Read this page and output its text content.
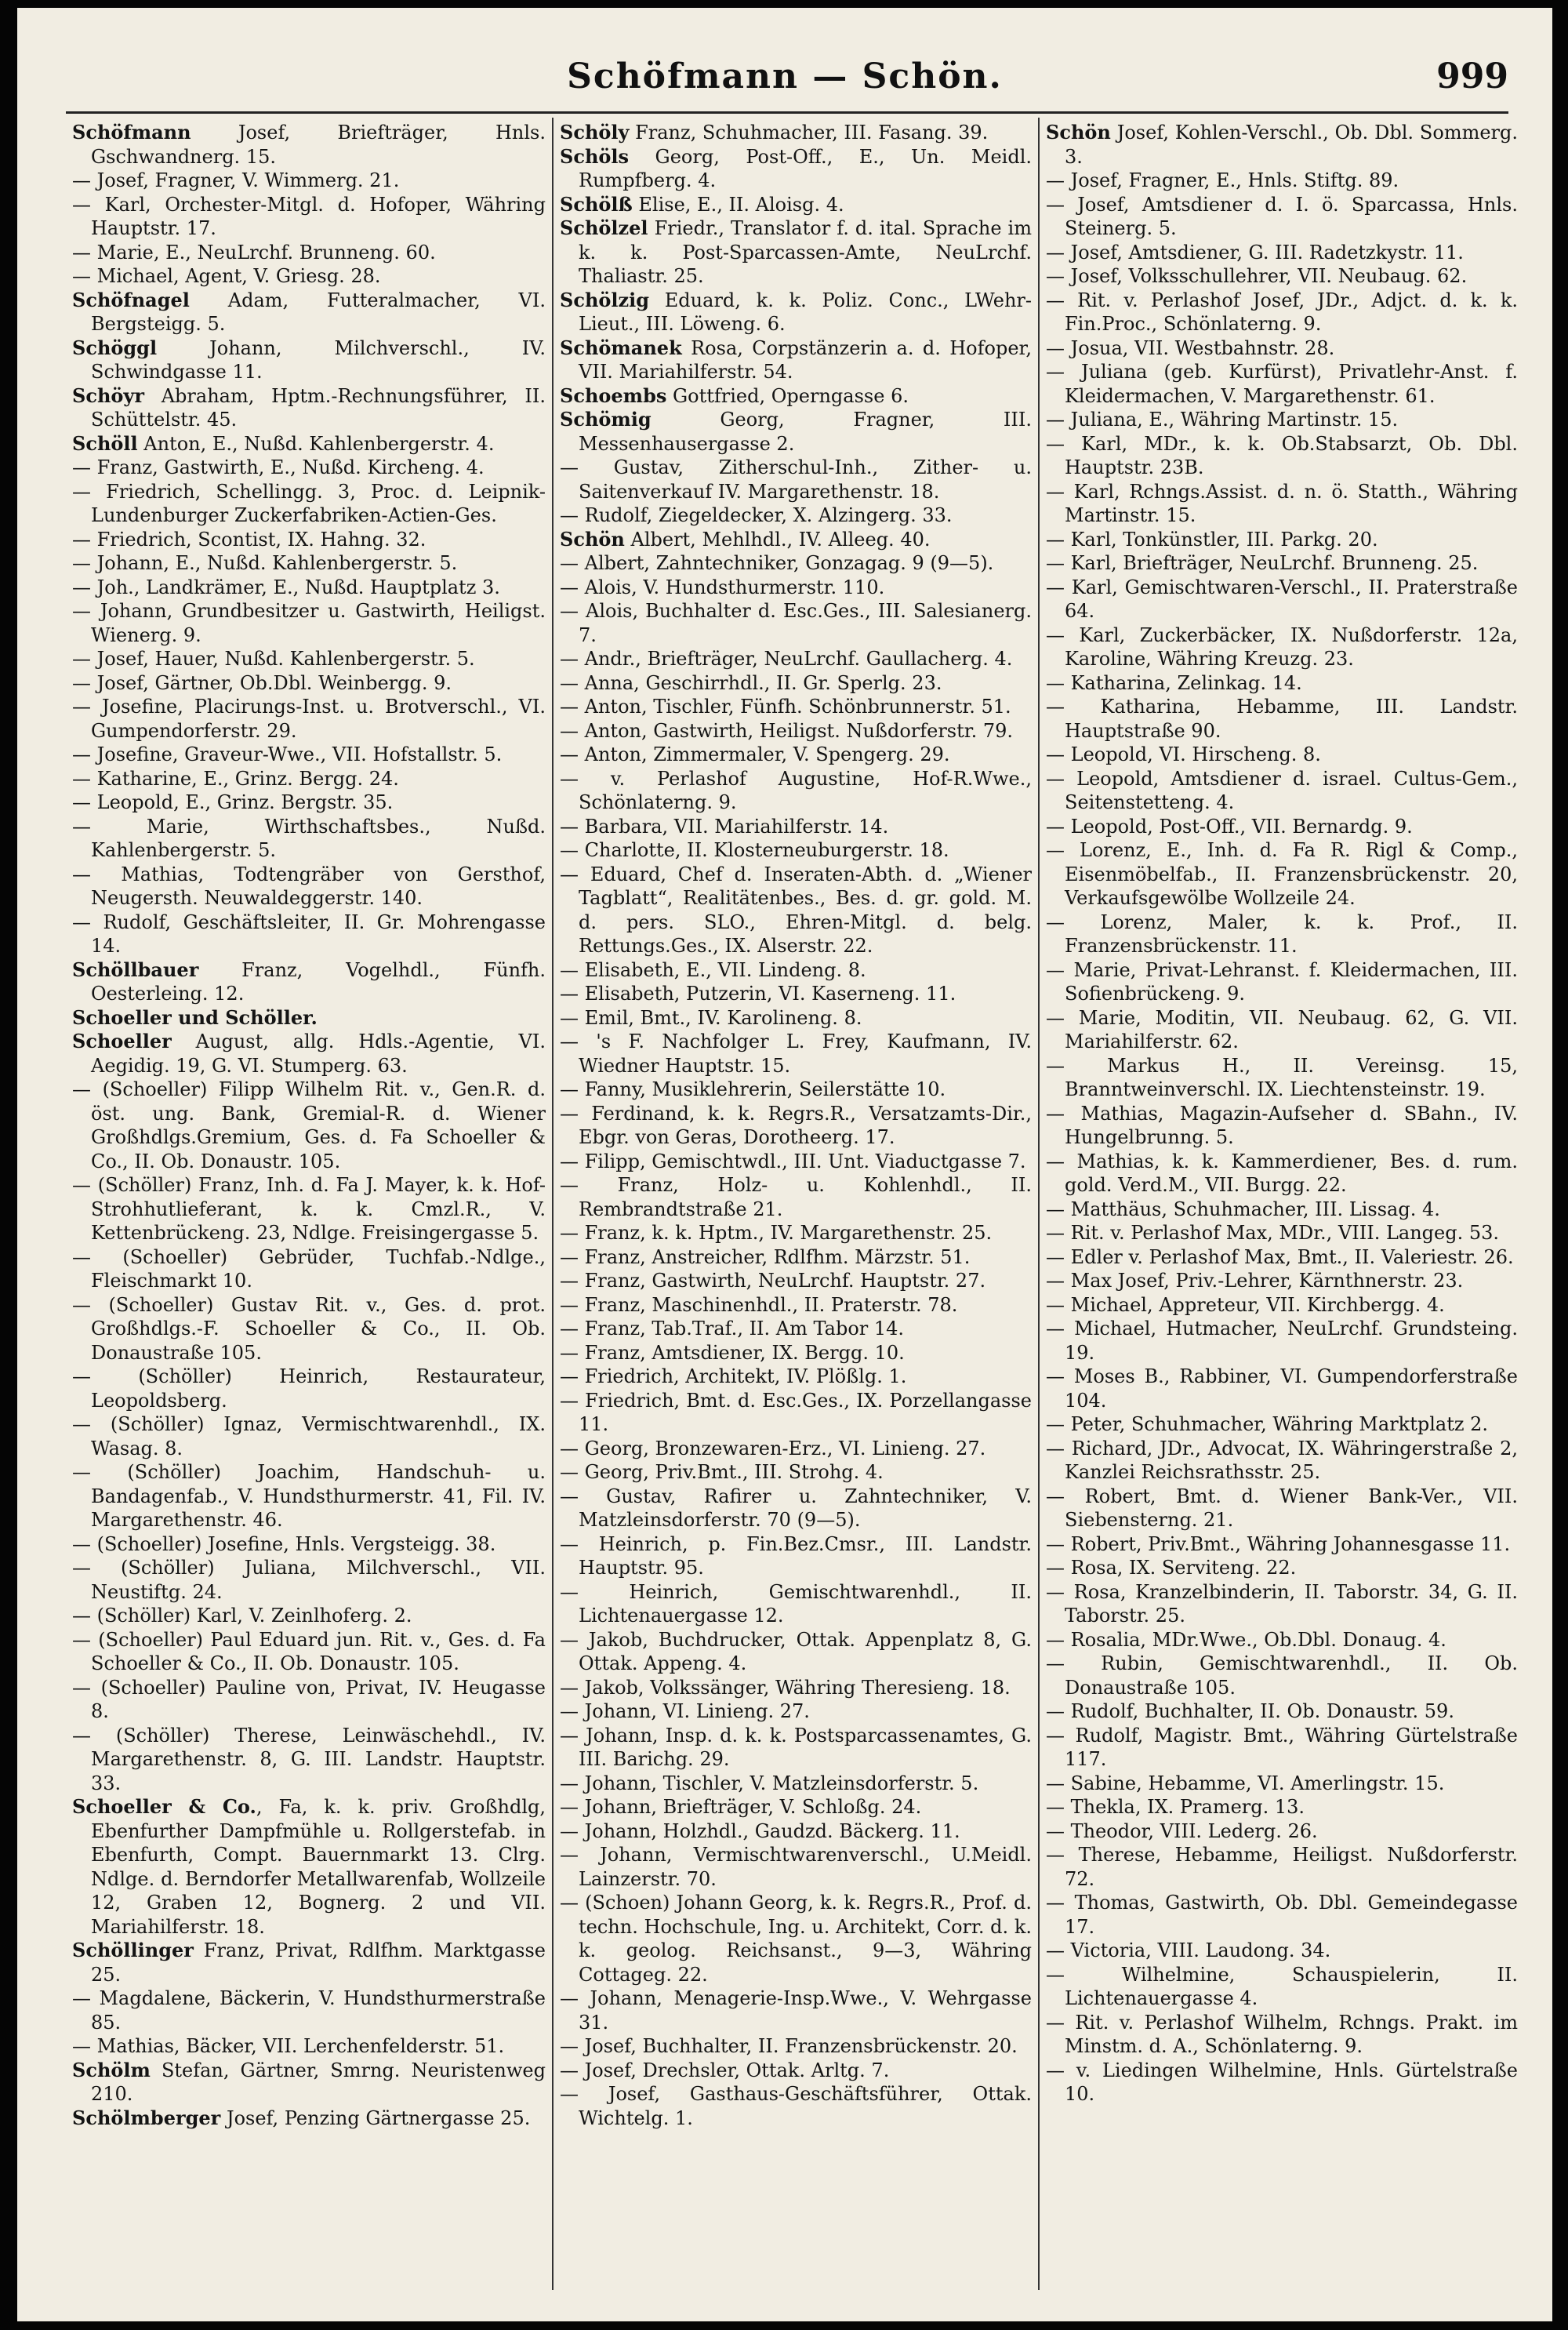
Schöfmann — Schön.	999
Schöfmann Josef, Briefträger, Hnls. Gschwandnerg. 15.
— Josef, Fragner, V. Wimmerg. 21.
— Karl, Orchester-Mitgl. d. Hofoper, Währing Hauptstr. 17.
— Marie, E., NeuLrchf. Brunneng. 60.
— Michael, Agent, V. Griesg. 28.
Schöfnagel Adam, Futteralmacher, VI. Bergsteigg. 5.
Schöggl Johann, Milchverschl., IV. Schwindgasse 11.
Schöyr Abraham, Hptm.-Rechnungsführer, II. Schüttelstr. 45.
Schöll Anton, E., Nußd. Kahlenbergerstr. 4.
— Franz, Gastwirth, E., Nußd. Kircheng. 4.
— Friedrich, Schellingg. 3, Proc. d. Leipnik-Lundenburger Zuckerfabriken-Actien-Ges.
— Friedrich, Scontist, IX. Hahng. 32.
— Johann, E., Nußd. Kahlenbergerstr. 5.
— Joh., Landkrämer, E., Nußd. Hauptplatz 3.
— Johann, Grundbesitzer u. Gastwirth, Heiligst. Wienerg. 9.
— Josef, Hauer, Nußd. Kahlenbergerstr. 5.
— Josef, Gärtner, Ob.Dbl. Weinbergg. 9.
— Josefine, Placirungs-Inst. u. Brotverschl., VI. Gumpendorferstr. 29.
— Josefine, Graveur-Wwe., VII. Hofstallstr. 5.
— Katharine, E., Grinz. Bergg. 24.
— Leopold, E., Grinz. Bergstr. 35.
— Marie, Wirthschaftsbes., Nußd. Kahlenbergerstr. 5.
— Mathias, Todtengräber von Gersthof, Neugersth. Neuwaldeggerstr. 140.
— Rudolf, Geschäftsleiter, II. Gr. Mohrengasse 14.
Schöllbauer Franz, Vogelhdl., Fünfh. Oesterleing. 12.
Schoeller und Schöller.
Schoeller August, allg. Hdls.-Agentie, VI. Aegidig. 19, G. VI. Stumperg. 63.
— (Schoeller) Filipp Wilhelm Rit. v., Gen.R. d. öst. ung. Bank, Gremial-R. d. Wiener Großhdlgs.Gremium, Ges. d. Fa Schoeller & Co., II. Ob. Donaustr. 105.
— (Schöller) Franz, Inh. d. Fa J. Mayer, k. k. Hof-Strohhutlieferant, k. k. Cmzl.R., V. Kettenbrückeng. 23, Ndlge. Freisingergasse 5.
— (Schoeller) Gebrüder, Tuchfab.-Ndlge., Fleischmarkt 10.
— (Schoeller) Gustav Rit. v., Ges. d. prot. Großhdlgs.-F. Schoeller & Co., II. Ob. Donaustraße 105.
— (Schöller) Heinrich, Restaurateur, Leopoldsberg.
— (Schöller) Ignaz, Vermischtwarenhdl., IX. Wasag. 8.
— (Schöller) Joachim, Handschuh- u. Bandagenfab., V. Hundsthurmerstr. 41, Fil. IV. Margarethenstr. 46.
— (Schoeller) Josefine, Hnls. Vergsteigg. 38.
— (Schöller) Juliana, Milchverschl., VII. Neustiftg. 24.
— (Schöller) Karl, V. Zeinlhoferg. 2.
— (Schoeller) Paul Eduard jun. Rit. v., Ges. d. Fa Schoeller & Co., II. Ob. Donaustr. 105.
— (Schoeller) Pauline von, Privat, IV. Heugasse 8.
— (Schöller) Therese, Leinwäschehdl., IV. Margarethenstr. 8, G. III. Landstr. Hauptstr. 33.
Schoeller & Co., Fa, k. k. priv. Großhdlg, Ebenfurther Dampfmühle u. Rollgerstefab. in Ebenfurth, Compt. Bauernmarkt 13. Clrg. Ndlge. d. Berndorfer Metallwarenfab, Wollzeile 12, Graben 12, Bognerg. 2 und VII. Mariahilferstr. 18.
Schöllinger Franz, Privat, Rdlfhm. Marktgasse 25.
— Magdalene, Bäckerin, V. Hundsthurmerstraße 85.
— Mathias, Bäcker, VII. Lerchenfelderstr. 51.
Schölm Stefan, Gärtner, Smrng. Neuristenweg 210.
Schölmberger Josef, Penzing Gärtnergasse 25.
Schöly Franz, Schuhmacher, III. Fasang. 39.
Schöls Georg, Post-Off., E., Un. Meidl. Rumpfberg. 4.
Schölß Elise, E., II. Aloisg. 4.
Schölzel Friedr., Translator f. d. ital. Sprache im k. k. Post-Sparcassen-Amte, NeuLrchf. Thaliastr. 25.
Schölzig Eduard, k. k. Poliz. Conc., LWehr-Lieut., III. Löweng. 6.
Schömanek Rosa, Corpstänzerin a. d. Hofoper, VII. Mariahilferstr. 54.
Schoembs Gottfried, Operngasse 6.
Schömig Georg, Fragner, III. Messenhausergasse 2.
— Gustav, Zitherschul-Inh., Zither- u. Saitenverkauf IV. Margarethenstr. 18.
— Rudolf, Ziegeldecker, X. Alzingerg. 33.
Schön Albert, Mehlhdl., IV. Alleeg. 40.
— Albert, Zahntechniker, Gonzagag. 9 (9—5).
— Alois, V. Hundsthurmerstr. 110.
— Alois, Buchhalter d. Esc.Ges., III. Salesianerg. 7.
— Andr., Briefträger, NeuLrchf. Gaullacherg. 4.
— Anna, Geschirrhdl., II. Gr. Sperlg. 23.
— Anton, Tischler, Fünfh. Schönbrunnerstr. 51.
— Anton, Gastwirth, Heiligst. Nußdorferstr. 79.
— Anton, Zimmermaler, V. Spengerg. 29.
— v. Perlashof Augustine, Hof-R.Wwe., Schönlaterng. 9.
— Barbara, VII. Mariahilferstr. 14.
— Charlotte, II. Klosterneuburgerstr. 18.
— Eduard, Chef d. Inseraten-Abth. d. „Wiener Tagblatt“, Realitätenbes., Bes. d. gr. gold. M. d. pers. SLO., Ehren-Mitgl. d. belg. Rettungs.Ges., IX. Alserstr. 22.
— Elisabeth, E., VII. Lindeng. 8.
— Elisabeth, Putzerin, VI. Kaserneng. 11.
— Emil, Bmt., IV. Karolineng. 8.
— 's F. Nachfolger L. Frey, Kaufmann, IV. Wiedner Hauptstr. 15.
— Fanny, Musiklehrerin, Seilerstätte 10.
— Ferdinand, k. k. Regrs.R., Versatzamts-Dir., Ebgr. von Geras, Dorotheerg. 17.
— Filipp, Gemischtwdl., III. Unt. Viaductgasse 7.
— Franz, Holz- u. Kohlenhdl., II. Rembrandtstraße 21.
— Franz, k. k. Hptm., IV. Margarethenstr. 25.
— Franz, Anstreicher, Rdlfhm. Märzstr. 51.
— Franz, Gastwirth, NeuLrchf. Hauptstr. 27.
— Franz, Maschinenhdl., II. Praterstr. 78.
— Franz, Tab.Traf., II. Am Tabor 14.
— Franz, Amtsdiener, IX. Bergg. 10.
— Friedrich, Architekt, IV. Plößlg. 1.
— Friedrich, Bmt. d. Esc.Ges., IX. Porzellangasse 11.
— Georg, Bronzewaren-Erz., VI. Linieng. 27.
— Georg, Priv.Bmt., III. Strohg. 4.
— Gustav, Rafirer u. Zahntechniker, V. Matzleinsdorferstr. 70 (9—5).
— Heinrich, p. Fin.Bez.Cmsr., III. Landstr. Hauptstr. 95.
— Heinrich, Gemischtwarenhdl., II. Lichtenauergasse 12.
— Jakob, Buchdrucker, Ottak. Appenplatz 8, G. Ottak. Appeng. 4.
— Jakob, Volkssänger, Währing Theresieng. 18.
— Johann, VI. Linieng. 27.
— Johann, Insp. d. k. k. Postsparcassenamtes, G. III. Barichg. 29.
— Johann, Tischler, V. Matzleinsdorferstr. 5.
— Johann, Briefträger, V. Schloßg. 24.
— Johann, Holzhdl., Gaudzd. Bäckerg. 11.
— Johann, Vermischtwarenverschl., U.Meidl. Lainzerstr. 70.
— (Schoen) Johann Georg, k. k. Regrs.R., Prof. d. techn. Hochschule, Ing. u. Architekt, Corr. d. k. k. geolog. Reichsanst., 9—3, Währing Cottageg. 22.
— Johann, Menagerie-Insp.Wwe., V. Wehrgasse 31.
— Josef, Buchhalter, II. Franzensbrückenstr. 20.
— Josef, Drechsler, Ottak. Arltg. 7.
— Josef, Gasthaus-Geschäftsführer, Ottak. Wichtelg. 1.
Schön Josef, Kohlen-Verschl., Ob. Dbl. Sommerg. 3.
— Josef, Fragner, E., Hnls. Stiftg. 89.
— Josef, Amtsdiener d. I. ö. Sparcassa, Hnls. Steinerg. 5.
— Josef, Amtsdiener, G. III. Radetzkystr. 11.
— Josef, Volksschullehrer, VII. Neubaug. 62.
— Rit. v. Perlashof Josef, JDr., Adjct. d. k. k. Fin.Proc., Schönlaterng. 9.
— Josua, VII. Westbahnstr. 28.
— Juliana (geb. Kurfürst), Privatlehr-Anst. f. Kleidermachen, V. Margarethenstr. 61.
— Juliana, E., Währing Martinstr. 15.
— Karl, MDr., k. k. Ob.Stabsarzt, Ob. Dbl. Hauptstr. 23B.
— Karl, Rchngs.Assist. d. n. ö. Statth., Währing Martinstr. 15.
— Karl, Tonkünstler, III. Parkg. 20.
— Karl, Briefträger, NeuLrchf. Brunneng. 25.
— Karl, Gemischtwaren-Verschl., II. Praterstraße 64.
— Karl, Zuckerbäcker, IX. Nußdorferstr. 12a, Karoline, Währing Kreuzg. 23.
— Katharina, Zelinkag. 14.
— Katharina, Hebamme, III. Landstr. Hauptstraße 90.
— Leopold, VI. Hirscheng. 8.
— Leopold, Amtsdiener d. israel. Cultus-Gem., Seitenstetteng. 4.
— Leopold, Post-Off., VII. Bernardg. 9.
— Lorenz, E., Inh. d. Fa R. Rigl & Comp., Eisenmöbelfab., II. Franzensbrückenstr. 20, Verkaufsgewölbe Wollzeile 24.
— Lorenz, Maler, k. k. Prof., II. Franzensbrückenstr. 11.
— Marie, Privat-Lehranst. f. Kleidermachen, III. Sofienbrückeng. 9.
— Marie, Moditin, VII. Neubaug. 62, G. VII. Mariahilferstr. 62.
— Markus H., II. Vereinsg. 15, Branntweinverschl. IX. Liechtensteinstr. 19.
— Mathias, Magazin-Aufseher d. SBahn., IV. Hungelbrunng. 5.
— Mathias, k. k. Kammerdiener, Bes. d. rum. gold. Verd.M., VII. Burgg. 22.
— Matthäus, Schuhmacher, III. Lissag. 4.
— Rit. v. Perlashof Max, MDr., VIII. Langeg. 53.
— Edler v. Perlashof Max, Bmt., II. Valeriestr. 26.
— Max Josef, Priv.-Lehrer, Kärnthnerstr. 23.
— Michael, Appreteur, VII. Kirchbergg. 4.
— Michael, Hutmacher, NeuLrchf. Grundsteing. 19.
— Moses B., Rabbiner, VI. Gumpendorferstraße 104.
— Peter, Schuhmacher, Währing Marktplatz 2.
— Richard, JDr., Advocat, IX. Währingerstraße 2, Kanzlei Reichsrathsstr. 25.
— Robert, Bmt. d. Wiener Bank-Ver., VII. Siebensterng. 21.
— Robert, Priv.Bmt., Währing Johannesgasse 11.
— Rosa, IX. Serviteng. 22.
— Rosa, Kranzelbinderin, II. Taborstr. 34, G. II. Taborstr. 25.
— Rosalia, MDr.Wwe., Ob.Dbl. Donaug. 4.
— Rubin, Gemischtwarenhdl., II. Ob. Donaustraße 105.
— Rudolf, Buchhalter, II. Ob. Donaustr. 59.
— Rudolf, Magistr. Bmt., Währing Gürtelstraße 117.
— Sabine, Hebamme, VI. Amerlingstr. 15.
— Thekla, IX. Pramerg. 13.
— Theodor, VIII. Lederg. 26.
— Therese, Hebamme, Heiligst. Nußdorferstr. 72.
— Thomas, Gastwirth, Ob. Dbl. Gemeindegasse 17.
— Victoria, VIII. Laudong. 34.
— Wilhelmine, Schauspielerin, II. Lichtenauergasse 4.
— Rit. v. Perlashof Wilhelm, Rchngs. Prakt. im Minstm. d. A., Schönlaterng. 9.
— v. Liedingen Wilhelmine, Hnls. Gürtelstraße 10.
